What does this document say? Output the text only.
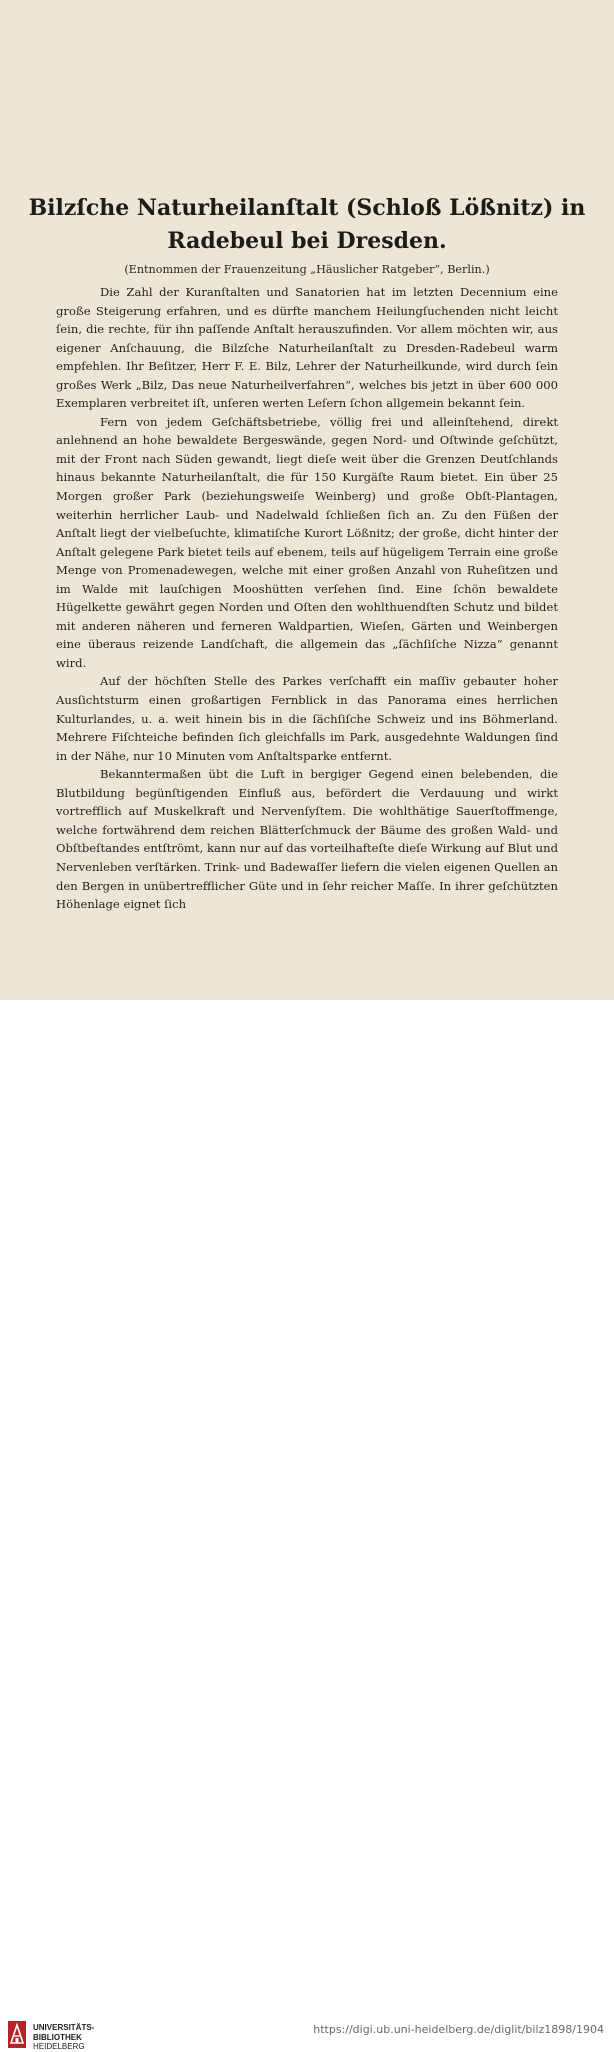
Bilzſche Naturheilanſtalt (Schloß Lößnitz) in
Radebeul bei Dresden.
(Entnommen der Frauenzeitung „Häuslicher Ratgeber“, Berlin.)

Die Zahl der Kuranſtalten und Sanatorien hat im letzten Decennium eine große Steigerung erfahren, und es dürfte manchem Heilungſuchenden nicht leicht ſein, die rechte, für ihn paſſende Anſtalt herauszufinden. Vor allem möchten wir, aus eigener Anſchauung, die Bilzſche Naturheilanſtalt zu Dresden-Radebeul warm empfehlen. Ihr Beſitzer, Herr F. E. Bilz, Lehrer der Naturheilkunde, wird durch ſein großes Werk „Bilz, Das neue Naturheilverfahren“, welches bis jetzt in über 600 000 Exemplaren verbreitet iſt, unſeren werten Leſern ſchon allgemein bekannt ſein.

Fern von jedem Geſchäftsbetriebe, völlig frei und alleinſtehend, direkt anlehnend an hohe bewaldete Bergeswände, gegen Nord- und Oſtwinde geſchützt, mit der Front nach Süden gewandt, liegt dieſe weit über die Grenzen Deutſchlands hinaus bekannte Naturheilanſtalt, die für 150 Kurgäſte Raum bietet. Ein über 25 Morgen großer Park (beziehungsweiſe Weinberg) und große Obſt-Plantagen, weiterhin herrlicher Laub- und Nadelwald ſchließen ſich an. Zu den Füßen der Anſtalt liegt der vielbeſuchte, klimatiſche Kurort Lößnitz; der große, dicht hinter der Anſtalt gelegene Park bietet teils auf ebenem, teils auf hügeligem Terrain eine große Menge von Promenadewegen, welche mit einer großen Anzahl von Ruheſitzen und im Walde mit lauſchigen Mooshütten verſehen ſind. Eine ſchön bewaldete Hügelkette gewährt gegen Norden und Oſten den wohlthuendſten Schutz und bildet mit anderen näheren und ferneren Waldpartien, Wieſen, Gärten und Weinbergen eine überaus reizende Landſchaft, die allgemein das „ſächſiſche Nizza“ genannt wird.

Auf der höchſten Stelle des Parkes verſchafft ein maſſiv gebauter hoher Ausſichtsturm einen großartigen Fernblick in das Panorama eines herrlichen Kulturlandes, u. a. weit hinein bis in die ſächſiſche Schweiz und ins Böhmerland. Mehrere Fiſchteiche befinden ſich gleichfalls im Park, ausgedehnte Waldungen ſind in der Nähe, nur 10 Minuten vom Anſtaltsparke entfernt.

Bekanntermaßen übt die Luft in bergiger Gegend einen belebenden, die Blutbildung begünſtigenden Einfluß aus, befördert die Verdauung und wirkt vortrefflich auf Muskelkraft und Nervenſyſtem. Die wohlthätige Sauerſtoffmenge, welche fortwährend dem reichen Blätterſchmuck der Bäume des großen Wald- und Obſtbeſtandes entſtrömt, kann nur auf das vorteilhafteſte dieſe Wirkung auf Blut und Nervenleben verſtärken. Trink- und Badewaſſer liefern die vielen eigenen Quellen an den Bergen in unübertrefflicher Güte und in ſehr reicher Maſſe. In ihrer geſchützten Höhenlage eignet ſich

UNIVERSITÄTS-
BIBLIOTHEK
HEIDELBERG
https://digi.ub.uni-heidelberg.de/diglit/bilz1898/1904
